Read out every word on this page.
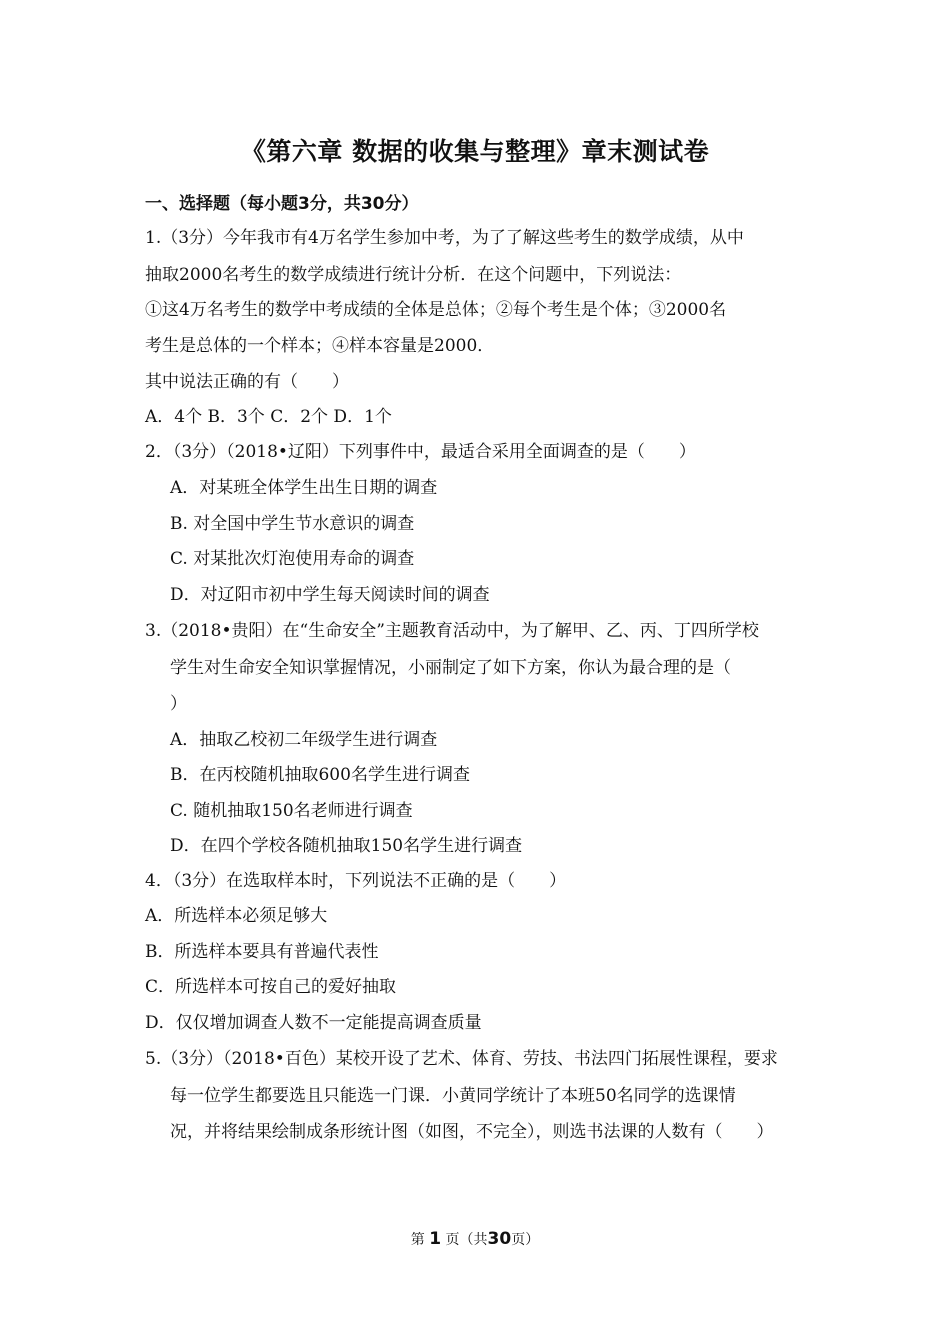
《第六章 数据的收集与整理》章末测试卷
一、选择题（每小题3分，共30分）
1.（3分）今年我市有4万名学生参加中考，为了了解这些考生的数学成绩，从中
抽取2000名考生的数学成绩进行统计分析．在这个问题中，下列说法：
①这4万名考生的数学中考成绩的全体是总体；②每个考生是个体；③2000名
考生是总体的一个样本；④样本容量是2000．
其中说法正确的有（　　）
A．4个 B．3个 C．2个 D．1个
2．（3分）（2018•辽阳）下列事件中，最适合采用全面调查的是（　　）
A．对某班全体学生出生日期的调查
B. 对全国中学生节水意识的调查
C. 对某批次灯泡使用寿命的调查
D．对辽阳市初中学生每天阅读时间的调查
3.（2018•贵阳）在“生命安全”主题教育活动中，为了解甲、乙、丙、丁四所学校
学生对生命安全知识掌握情况，小丽制定了如下方案，你认为最合理的是（
）
A．抽取乙校初二年级学生进行调查
B．在丙校随机抽取600名学生进行调查
C. 随机抽取150名老师进行调查
D．在四个学校各随机抽取150名学生进行调查
4．（3分）在选取样本时，下列说法不正确的是（　　）
A．所选样本必须足够大
B．所选样本要具有普遍代表性
C．所选样本可按自己的爱好抽取
D．仅仅增加调查人数不一定能提高调查质量
5.（3分）（2018•百色）某校开设了艺术、体育、劳技、书法四门拓展性课程，要求
每一位学生都要选且只能选一门课．小黄同学统计了本班50名同学的选课情
况，并将结果绘制成条形统计图（如图，不完全），则选书法课的人数有（　　）
第 1 页（共30页）
